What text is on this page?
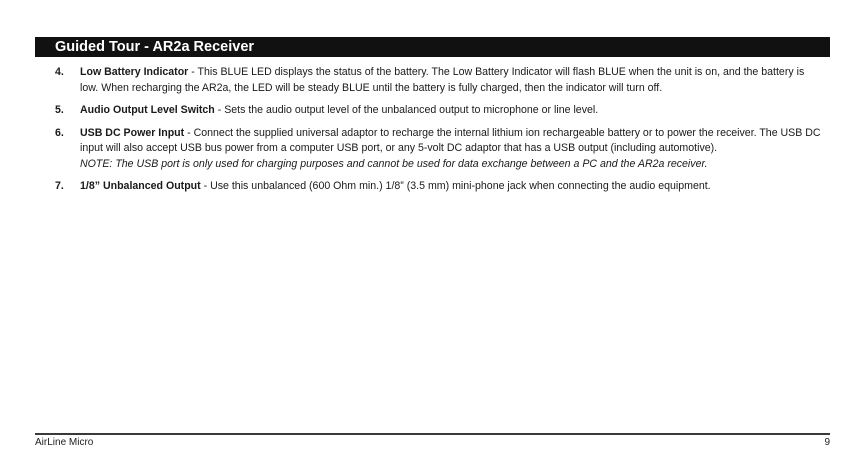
Guided Tour - AR2a Receiver
4. Low Battery Indicator - This BLUE LED displays the status of the battery. The Low Battery Indicator will flash BLUE when the unit is on, and the battery is low. When recharging the AR2a, the LED will be steady BLUE until the battery is fully charged, then the indicator will turn off.
5. Audio Output Level Switch - Sets the audio output level of the unbalanced output to microphone or line level.
6. USB DC Power Input - Connect the supplied universal adaptor to recharge the internal lithium ion rechargeable battery or to power the receiver. The USB DC input will also accept USB bus power from a computer USB port, or any 5-volt DC adaptor that has a USB output (including automotive).
NOTE: The USB port is only used for charging purposes and cannot be used for data exchange between a PC and the AR2a receiver.
7. 1/8” Unbalanced Output - Use this unbalanced (600 Ohm min.) 1/8” (3.5 mm) mini-phone jack when connecting the audio equipment.
AirLine Micro	9
